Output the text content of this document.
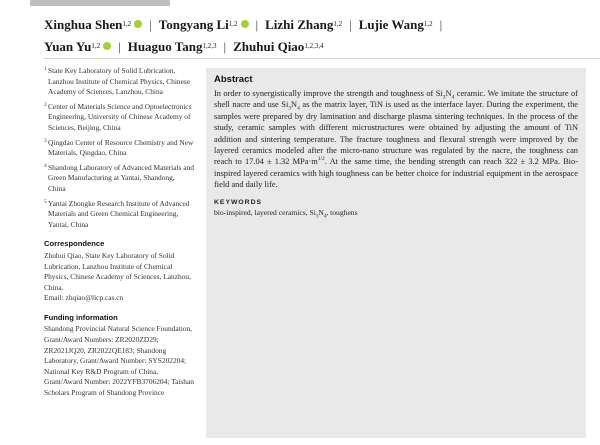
Xinghua Shen$^{1,2}$ | Tongyang Li$^{1,2}$ | Lizhi Zhang$^{1,2}$ | Lujie Wang$^{1,2}$ |
Yuan Yu$^{1,2}$ | Huaguo Tang$^{1,2,3}$ | Zhuhui Qiao$^{1,2,3,4}$
1 State Key Laboratory of Solid Lubrication, Lanzhou Institute of Chemical Physics, Chinese Academy of Sciences, Lanzhou, China
2 Center of Materials Science and Optoelectronics Engineering, University of Chinese Academy of Sciences, Beijing, China
3 Qingdao Center of Resource Chemistry and New Materials, Qingdao, China
4 Shandong Laboratory of Advanced Materials and Green Manufacturing at Yantai, Shandong, China
5 Yantai Zhongke Research Institute of Advanced Materials and Green Chemical Engineering, Yantai, China
Correspondence
Zhuhui Qiao, State Key Laboratory of Solid Lubrication, Lanzhou Institute of Chemical Physics, Chinese Academy of Sciences, Lanzhou, China.
Email: zhqiao@licp.cas.cn
Funding information
Shandong Provincial Natural Science Foundation, Grant/Award Numbers: ZR2020ZD29; ZR2021JQ20, ZR2022QE183; Shandong Laboratory, Grant/Award Number: SYS202204; National Key R&D Program of China, Grant/Award Number: 2022YFB3706204; Taishan Scholars Program of Shandong Province
Abstract

In order to synergistically improve the strength and toughness of $Si_3N_4$ ceramic. We imitate the structure of shell nacre and use $Si_3N_4$ as the matrix layer, TiN is used as the interface layer. During the experiment, the samples were prepared by dry lamination and discharge plasma sintering techniques. In the process of the study, ceramic samples with different microstructures were obtained by adjusting the amount of TiN addition and sintering temperature. The fracture toughness and flexural strength were improved by the layered ceramics modeled after the micro-nano structure was regulated by the nacre, the toughness can reach to 17.04 ± 1.32 $MPa\cdot m^{1/2}$. At the same time, the bending strength can reach 322 ± 3.2 MPa. Bio-inspired layered ceramics with high toughness can be better choice for industrial equipment in the aerospace field and daily life.

KEYWORDS
bio-inspired, layered ceramics, $Si_3N_4$, toughens
